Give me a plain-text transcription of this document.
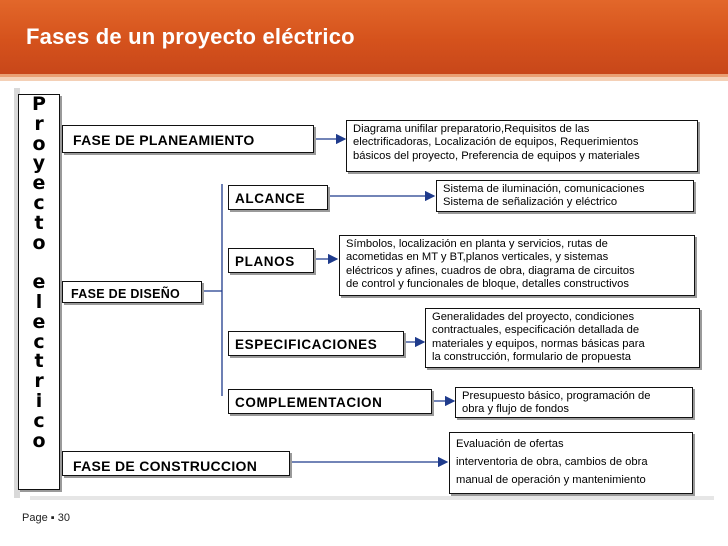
Fases de un proyecto eléctrico
P
r
o
y
e
c
t
o

e
l
e
c
t
r
i
c
o
FASE DE PLANEAMIENTO
FASE DE DISEÑO
FASE DE CONSTRUCCION
ALCANCE
PLANOS
ESPECIFICACIONES
COMPLEMENTACION
Diagrama unifilar preparatorio,Requisitos de las
electrificadoras, Localización de equipos, Requerimientos
básicos del proyecto, Preferencia de equipos y materiales
Sistema de iluminación, comunicaciones
Sistema de señalización y eléctrico
Símbolos, localización en planta y servicios, rutas de
acometidas en MT y BT,planos verticales, y sistemas
eléctricos y afines, cuadros de obra, diagrama de circuitos
de control y funcionales de bloque, detalles constructivos
Generalidades del proyecto, condiciones
contractuales, especificación detallada de
materiales y equipos, normas básicas para
la construcción, formulario de propuesta
Presupuesto básico, programación de
obra y flujo de fondos
Evaluación de ofertas
interventoria de obra, cambios de obra
manual de operación y mantenimiento
Page ▪ 30
